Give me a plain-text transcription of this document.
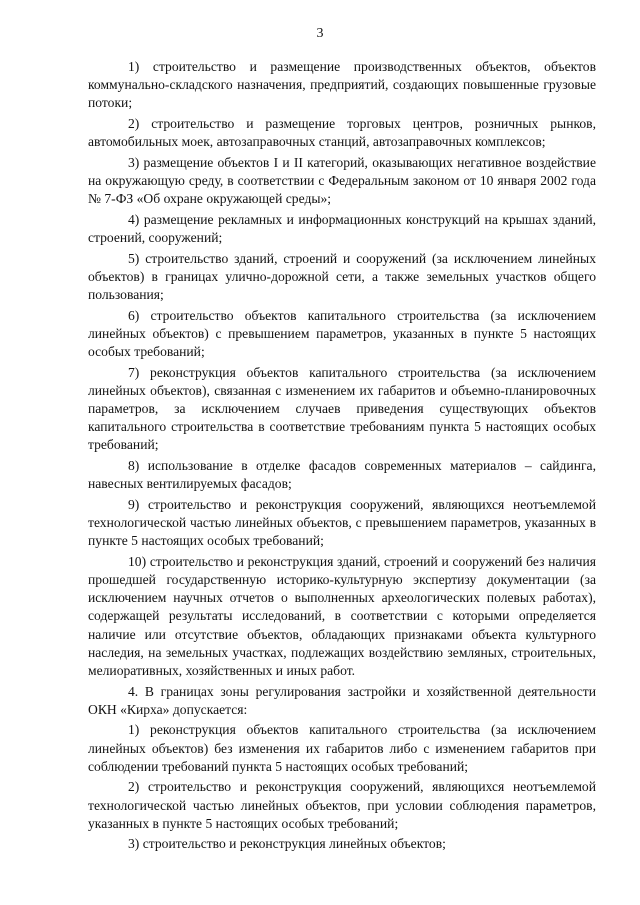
3

1) строительство и размещение производственных объектов, объектов коммунально-складского назначения, предприятий, создающих повышенные грузовые потоки;

2) строительство и размещение торговых центров, розничных рынков, автомобильных моек, автозаправочных станций, автозаправочных комплексов;

3) размещение объектов I и II категорий, оказывающих негативное воздействие на окружающую среду, в соответствии с Федеральным законом от 10 января 2002 года № 7-ФЗ «Об охране окружающей среды»;

4) размещение рекламных и информационных конструкций на крышах зданий, строений, сооружений;

5) строительство зданий, строений и сооружений (за исключением линейных объектов) в границах улично-дорожной сети, а также земельных участков общего пользования;

6) строительство объектов капитального строительства (за исключением линейных объектов) с превышением параметров, указанных в пункте 5 настоящих особых требований;

7) реконструкция объектов капитального строительства (за исключением линейных объектов), связанная с изменением их габаритов и объемно-планировочных параметров, за исключением случаев приведения существующих объектов капитального строительства в соответствие требованиям пункта 5 настоящих особых требований;

8) использование в отделке фасадов современных материалов – сайдинга, навесных вентилируемых фасадов;

9) строительство и реконструкция сооружений, являющихся неотъемлемой технологической частью линейных объектов, с превышением параметров, указанных в пункте 5 настоящих особых требований;

10) строительство и реконструкция зданий, строений и сооружений без наличия прошедшей государственную историко-культурную экспертизу документации (за исключением научных отчетов о выполненных археологических полевых работах), содержащей результаты исследований, в соответствии с которыми определяется наличие или отсутствие объектов, обладающих признаками объекта культурного наследия, на земельных участках, подлежащих воздействию земляных, строительных, мелиоративных, хозяйственных и иных работ.

4. В границах зоны регулирования застройки и хозяйственной деятельности ОКН «Кирха» допускается:

1) реконструкция объектов капитального строительства (за исключением линейных объектов) без изменения их габаритов либо с изменением габаритов при соблюдении требований пункта 5 настоящих особых требований;

2) строительство и реконструкция сооружений, являющихся неотъемлемой технологической частью линейных объектов, при условии соблюдения параметров, указанных в пункте 5 настоящих особых требований;

3) строительство и реконструкция линейных объектов;
